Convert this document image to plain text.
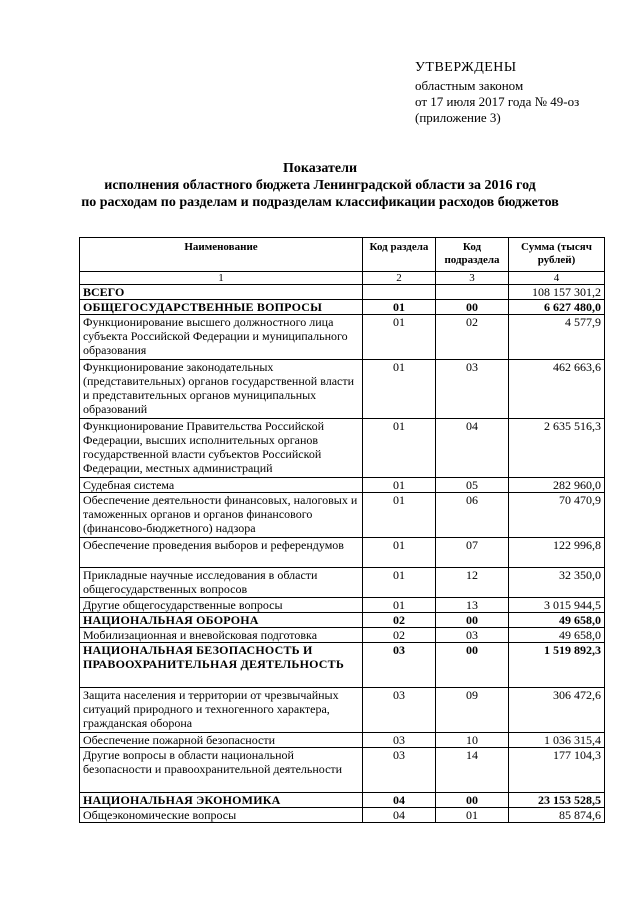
УТВЕРЖДЕНЫ
областным законом
от 17 июля 2017 года № 49-оз
(приложение 3)
Показатели
исполнения областного бюджета Ленинградской области за 2016 год
по расходам по разделам и подразделам классификации расходов бюджетов
Наименование	Код раздела	Код подраздела	Сумма (тысяч рублей)
1	2	3	4
ВСЕГО			108 157 301,2
ОБЩЕГОСУДАРСТВЕННЫЕ ВОПРОСЫ	01	00	6 627 480,0
Функционирование высшего должностного лица субъекта Российской Федерации и муниципального образования	01	02	4 577,9
Функционирование законодательных (представительных) органов государственной власти и представительных органов муниципальных образований	01	03	462 663,6
Функционирование Правительства Российской Федерации, высших исполнительных органов государственной власти субъектов Российской Федерации, местных администраций	01	04	2 635 516,3
Судебная система	01	05	282 960,0
Обеспечение деятельности финансовых, налоговых и таможенных органов и органов финансового (финансово-бюджетного) надзора	01	06	70 470,9
Обеспечение проведения выборов и референдумов	01	07	122 996,8
Прикладные научные исследования в области общегосударственных вопросов	01	12	32 350,0
Другие общегосударственные вопросы	01	13	3 015 944,5
НАЦИОНАЛЬНАЯ ОБОРОНА	02	00	49 658,0
Мобилизационная и вневойсковая подготовка	02	03	49 658,0
НАЦИОНАЛЬНАЯ БЕЗОПАСНОСТЬ И ПРАВООХРАНИТЕЛЬНАЯ ДЕЯТЕЛЬНОСТЬ	03	00	1 519 892,3
Защита населения и территории от чрезвычайных ситуаций природного и техногенного характера, гражданская оборона	03	09	306 472,6
Обеспечение пожарной безопасности	03	10	1 036 315,4
Другие вопросы в области национальной безопасности и правоохранительной деятельности	03	14	177 104,3
НАЦИОНАЛЬНАЯ ЭКОНОМИКА	04	00	23 153 528,5
Общеэкономические вопросы	04	01	85 874,6
